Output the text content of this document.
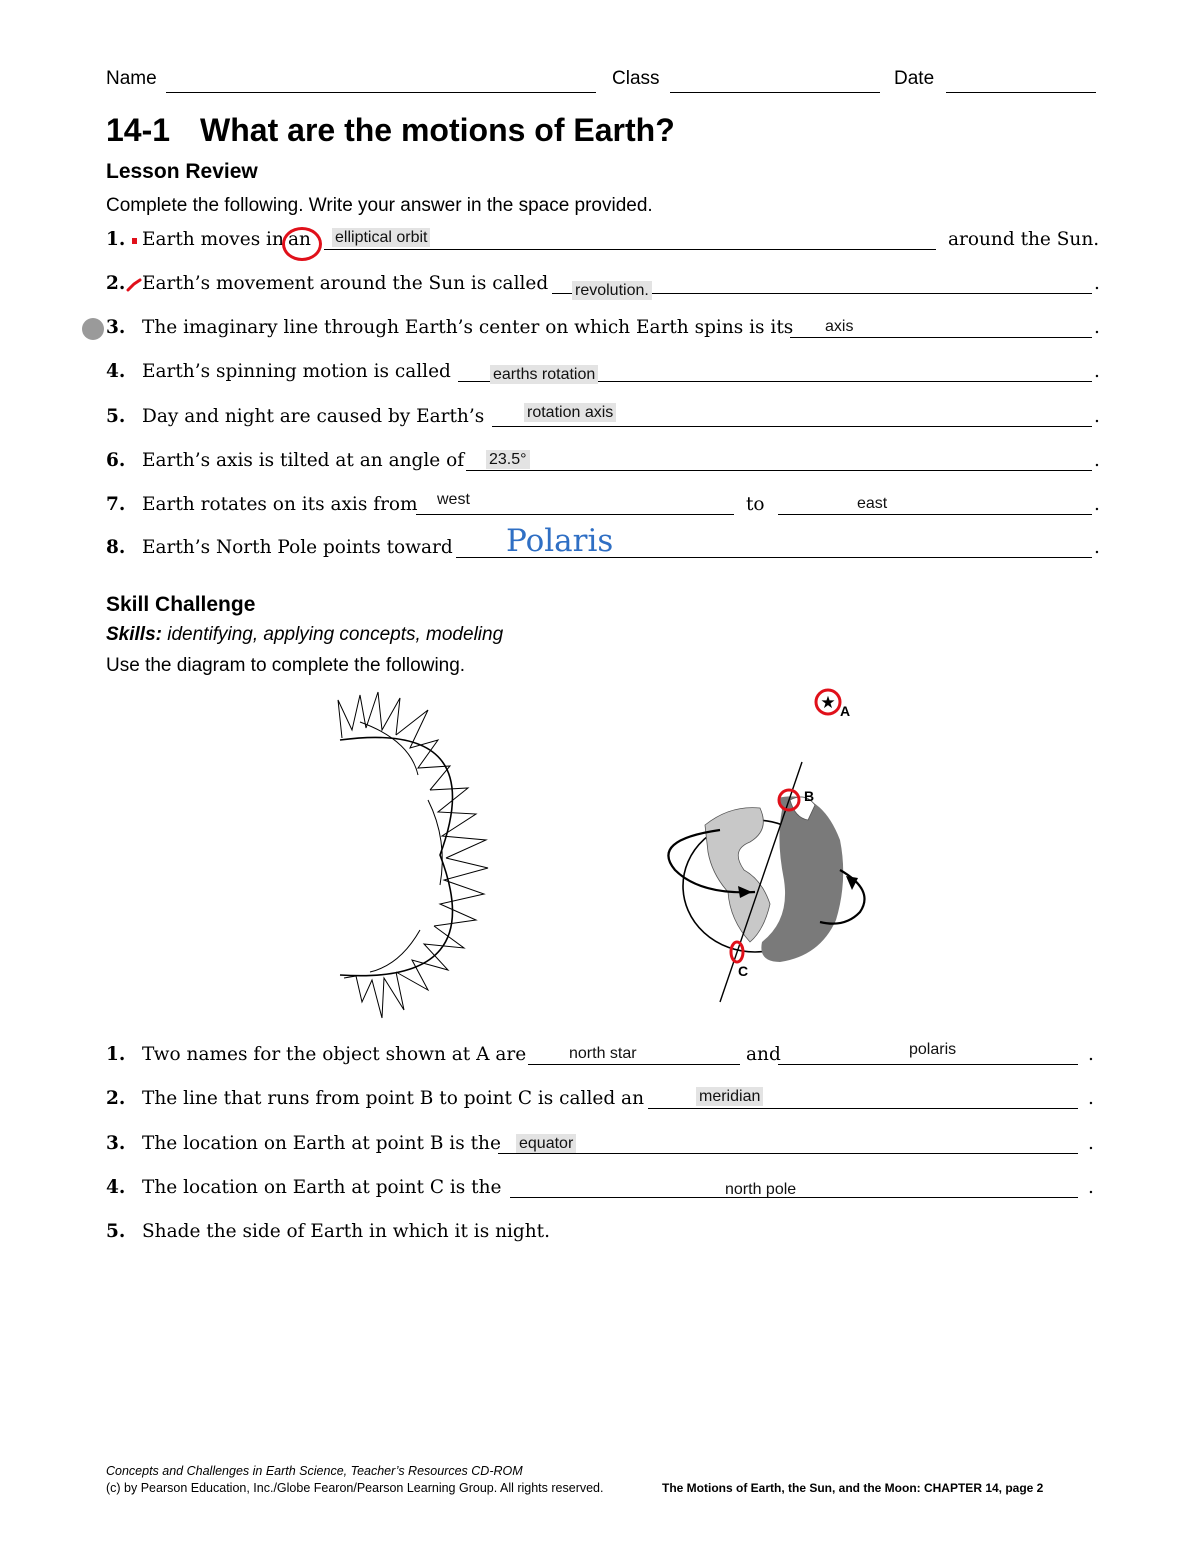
Name	Class	Date
14-1 What are the motions of Earth?
Lesson Review
Complete the following. Write your answer in the space provided.
1. Earth moves in an elliptical orbit	around the Sun.
2. Earth’s movement around the Sun is called revolution.	.
3. The imaginary line through Earth’s center on which Earth spins is its axis	.
4. Earth’s spinning motion is called	earths rotation	.
5. Day and night are caused by Earth’s	rotation axis	.
6. Earth’s axis is tilted at an angle of 23.5°	.
7. Earth rotates on its axis from west	to	east	.
8. Earth’s North Pole points toward Polaris	.
Skill Challenge
Skills: identifying, applying concepts, modeling
Use the diagram to complete the following.
★ A
B
C
1. Two names for the object shown at A are	north star	and	polaris	.
2. The line that runs from point B to point C is called an	meridian	.
3. The location on Earth at point B is the equator	.
4. The location on Earth at point C is the	north pole	.
5. Shade the side of Earth in which it is night.
Concepts and Challenges in Earth Science, Teacher’s Resources CD-ROM
(c) by Pearson Education, Inc./Globe Fearon/Pearson Learning Group. All rights reserved.	The Motions of Earth, the Sun, and the Moon: CHAPTER 14, page 2
